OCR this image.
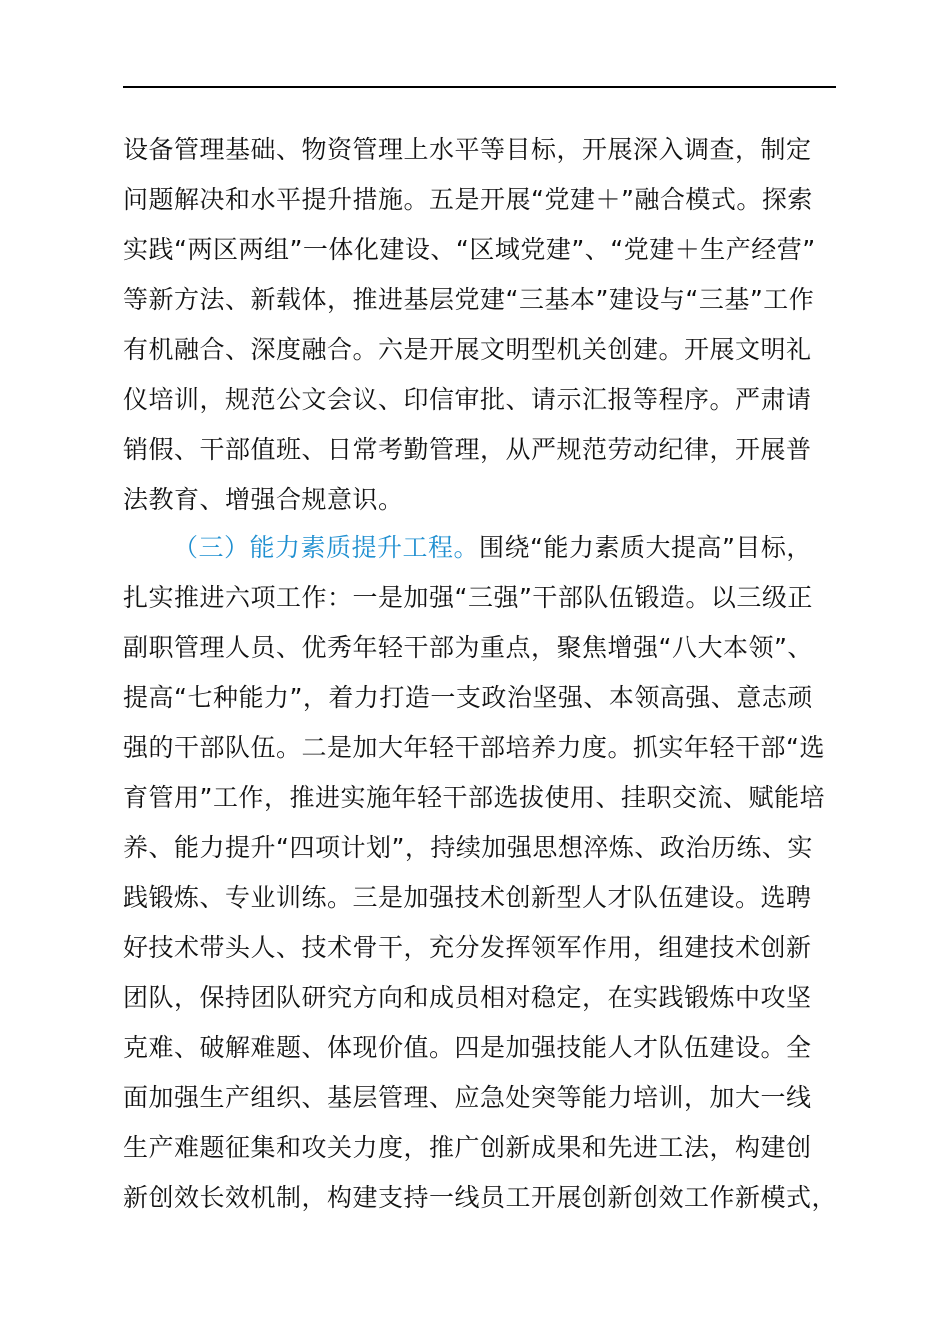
设备管理基础、物资管理上水平等目标，开展深入调查，制定
问题解决和水平提升措施。五是开展“党建＋”融合模式。探索
实践“两区两组”一体化建设、“区域党建”、“党建＋生产经营”
等新方法、新载体，推进基层党建“三基本”建设与“三基”工作
有机融合、深度融合。六是开展文明型机关创建。开展文明礼
仪培训，规范公文会议、印信审批、请示汇报等程序。严肃请
销假、干部值班、日常考勤管理，从严规范劳动纪律，开展普
法教育、增强合规意识。
（三）能力素质提升工程。围绕“能力素质大提高”目标，
扎实推进六项工作：一是加强“三强”干部队伍锻造。以三级正
副职管理人员、优秀年轻干部为重点，聚焦增强“八大本领”、
提高“七种能力”，着力打造一支政治坚强、本领高强、意志顽
强的干部队伍。二是加大年轻干部培养力度。抓实年轻干部“选
育管用”工作，推进实施年轻干部选拔使用、挂职交流、赋能培
养、能力提升“四项计划”，持续加强思想淬炼、政治历练、实
践锻炼、专业训练。三是加强技术创新型人才队伍建设。选聘
好技术带头人、技术骨干，充分发挥领军作用，组建技术创新
团队，保持团队研究方向和成员相对稳定，在实践锻炼中攻坚
克难、破解难题、体现价值。四是加强技能人才队伍建设。全
面加强生产组织、基层管理、应急处突等能力培训，加大一线
生产难题征集和攻关力度，推广创新成果和先进工法，构建创
新创效长效机制，构建支持一线员工开展创新创效工作新模式，
